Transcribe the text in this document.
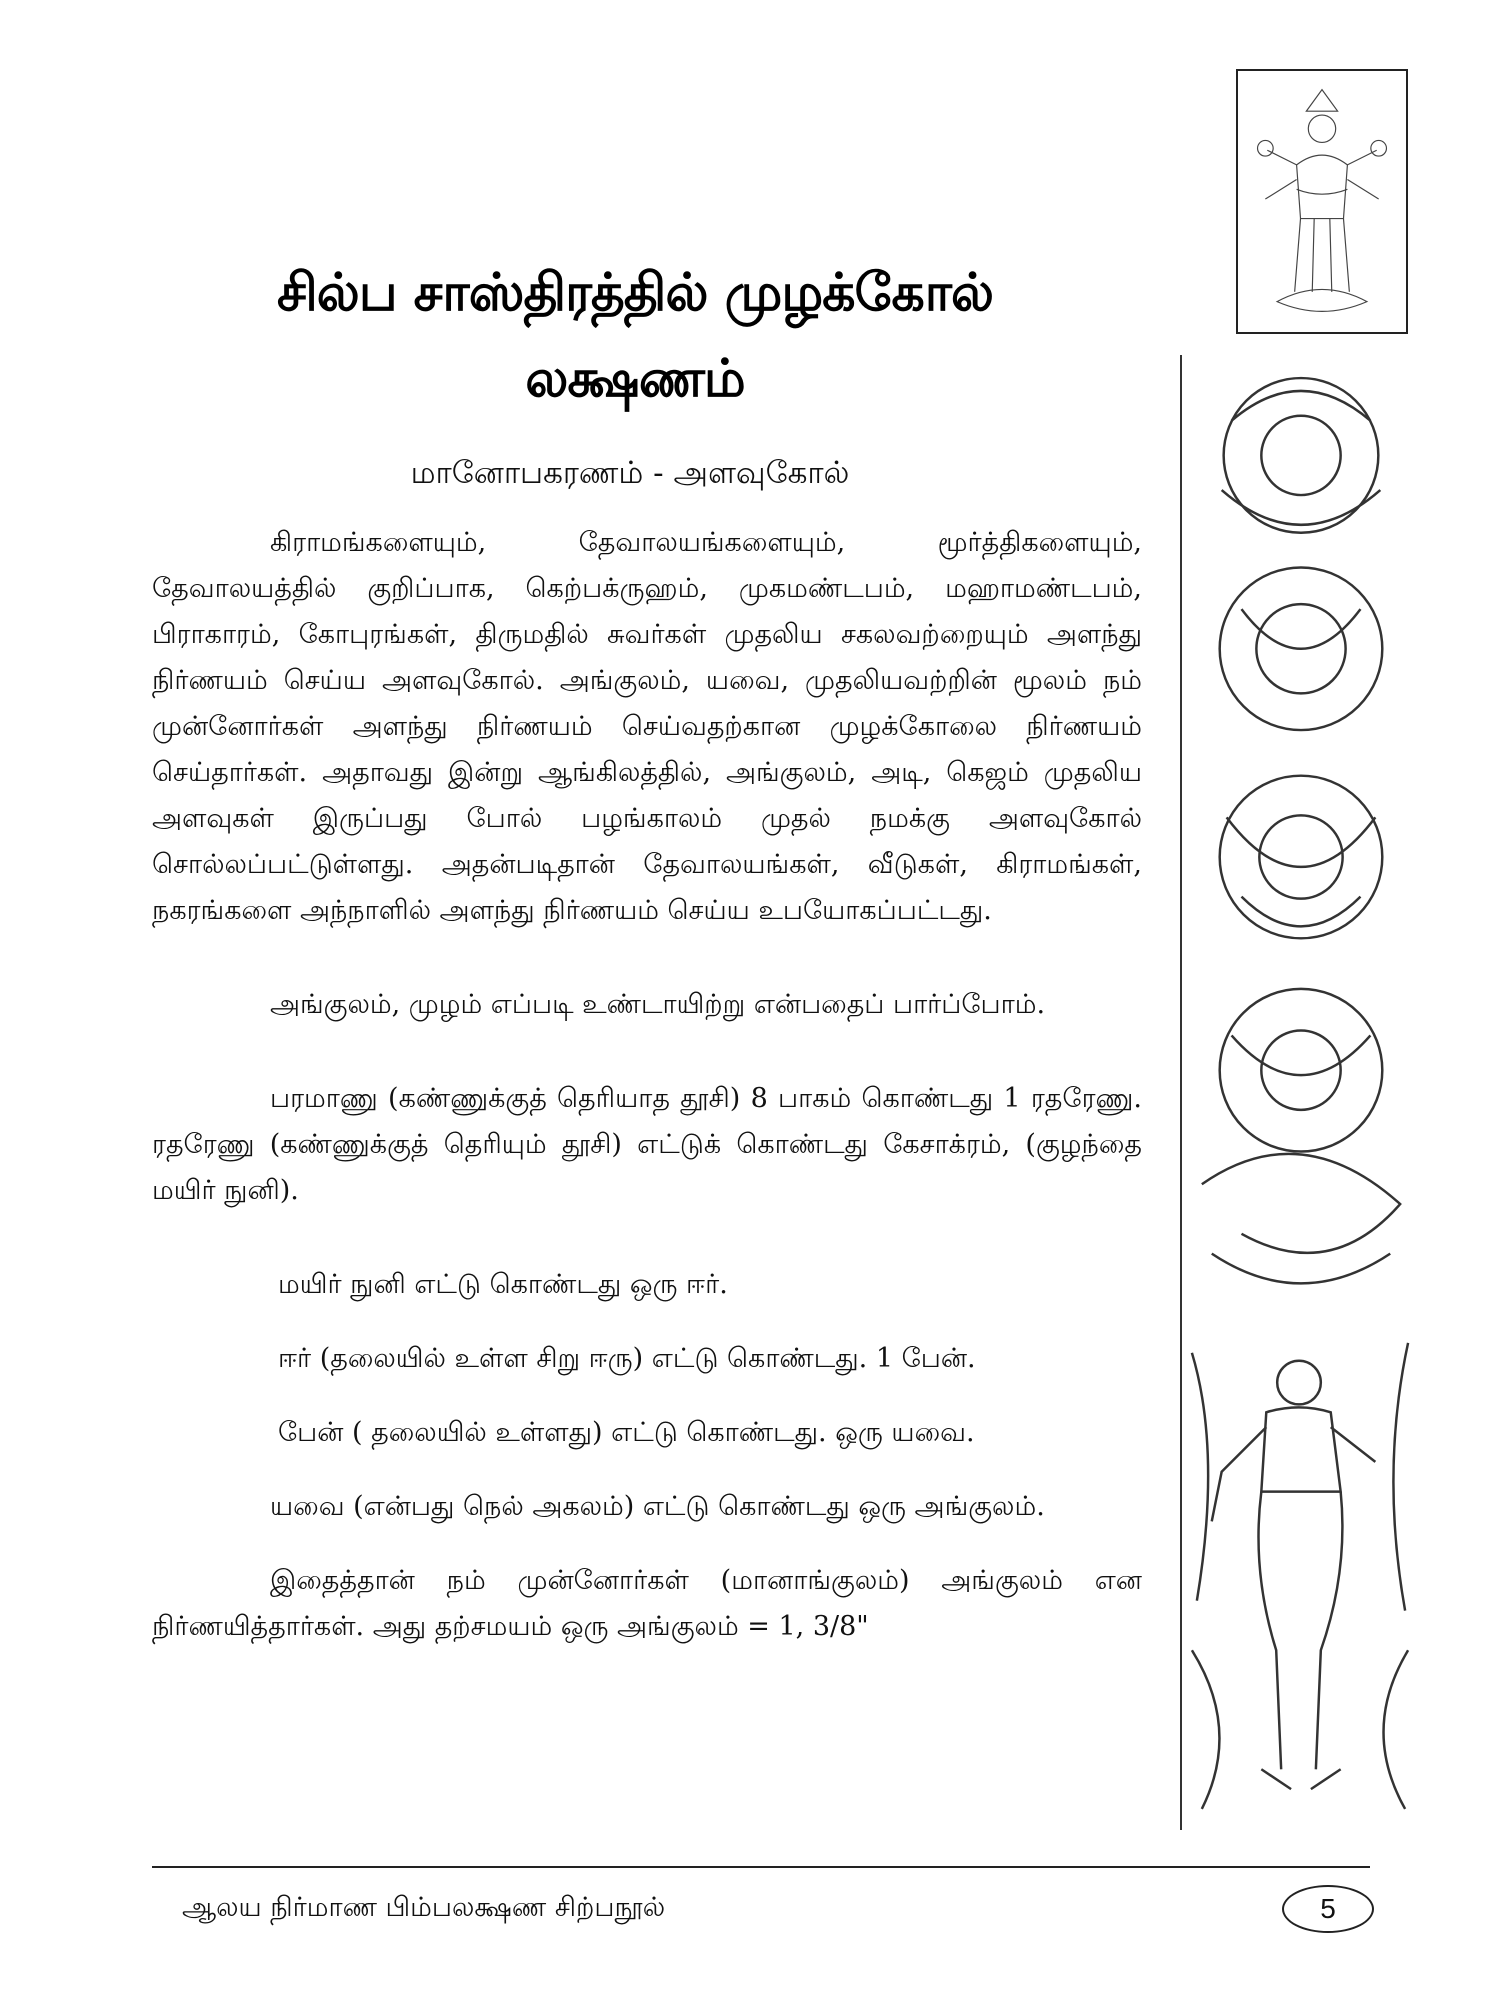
சில்ப சாஸ்திரத்தில் முழக்கோல்
லக்ஷணம்
மானோபகரணம் - அளவுகோல்

கிராமங்களையும், தேவாலயங்களையும், மூர்த்திகளையும், தேவாலயத்தில் குறிப்பாக, கெற்பக்ருஹம், முகமண்டபம், மஹாமண்டபம், பிராகாரம், கோபுரங்கள், திருமதில் சுவர்கள் முதலிய சகலவற்றையும் அளந்து நிர்ணயம் செய்ய அளவுகோல். அங்குலம், யவை, முதலியவற்றின் மூலம் நம் முன்னோர்கள் அளந்து நிர்ணயம் செய்வதற்கான முழக்கோலை நிர்ணயம் செய்தார்கள். அதாவது இன்று ஆங்கிலத்தில், அங்குலம், அடி, கெஜம் முதலிய அளவுகள் இருப்பது போல் பழங்காலம் முதல் நமக்கு அளவுகோல் சொல்லப்பட்டுள்ளது. அதன்படிதான் தேவாலயங்கள், வீடுகள், கிராமங்கள், நகரங்களை அந்நாளில் அளந்து நிர்ணயம் செய்ய உபயோகப்பட்டது.

அங்குலம், முழம் எப்படி உண்டாயிற்று என்பதைப் பார்ப்போம்.

பரமாணு (கண்ணுக்குத் தெரியாத தூசி) 8 பாகம் கொண்டது 1 ரதரேணு. ரதரேணு (கண்ணுக்குத் தெரியும் தூசி) எட்டுக் கொண்டது கேசாக்ரம், (குழந்தை மயிர் நுனி).

மயிர் நுனி எட்டு கொண்டது ஒரு ஈர்.

ஈர் (தலையில் உள்ள சிறு ஈரு) எட்டு கொண்டது. 1 பேன்.

பேன் ( தலையில் உள்ளது) எட்டு கொண்டது. ஒரு யவை.

யவை (என்பது நெல் அகலம்) எட்டு கொண்டது ஒரு அங்குலம்.

இதைத்தான் நம் முன்னோர்கள் (மானாங்குலம்) அங்குலம் என நிர்ணயித்தார்கள். அது தற்சமயம் ஒரு அங்குலம் = 1, 3/8"

ஆலய நிர்மாண பிம்பலக்ஷண சிற்பநூல்	5
